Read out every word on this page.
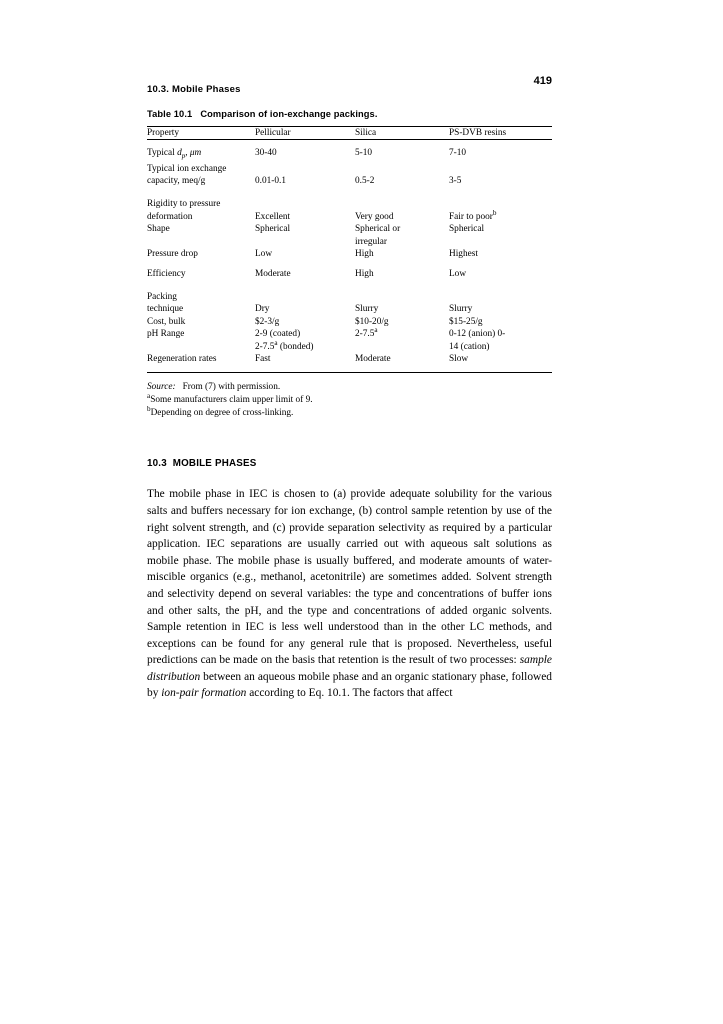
10.3. Mobile Phases
419
Table 10.1 Comparison of ion-exchange packings.
Property	Pellicular	Silica	PS-DVB resins

Typical $d_p$, μm	30-40	5-10	7-10
Typical ion exchange			
capacity, meq/g	0.01-0.1	0.5-2	3-5

Rigidity to pressure			
deformation	Excellent	Very good	Fair to poor$^b$
Shape	Spherical	Spherical or	Spherical
		irregular	
Pressure drop	Low	High	Highest

Efficiency	Moderate	High	Low

Packing			
technique	Dry	Slurry	Slurry
Cost, bulk	$2-3/g	$10-20/g	$15-25/g
pH Range	2-9 (coated)	2-7.5$^a$	0-12 (anion) 0-
	2-7.5$^a$ (bonded)		14 (cation)
Regeneration rates	Fast	Moderate	Slow

Source: From (7) with permission.
$^a$Some manufacturers claim upper limit of 9.
$^b$Depending on degree of cross-linking.
10.3 MOBILE PHASES
The mobile phase in IEC is chosen to (a) provide adequate solubility for the various salts and buffers necessary for ion exchange, (b) control sample retention by use of the right solvent strength, and (c) provide separation selectivity as required by a particular application. IEC separations are usually carried out with aqueous salt solutions as mobile phase. The mobile phase is usually buffered, and moderate amounts of water-miscible organics (e.g., methanol, acetonitrile) are sometimes added. Solvent strength and selectivity depend on several variables: the type and concentrations of buffer ions and other salts, the pH, and the type and concentrations of added organic solvents. Sample retention in IEC is less well understood than in the other LC methods, and exceptions can be found for any general rule that is proposed. Nevertheless, useful predictions can be made on the basis that retention is the result of two processes: sample distribution between an aqueous mobile phase and an organic stationary phase, followed by ion-pair formation according to Eq. 10.1. The factors that affect
